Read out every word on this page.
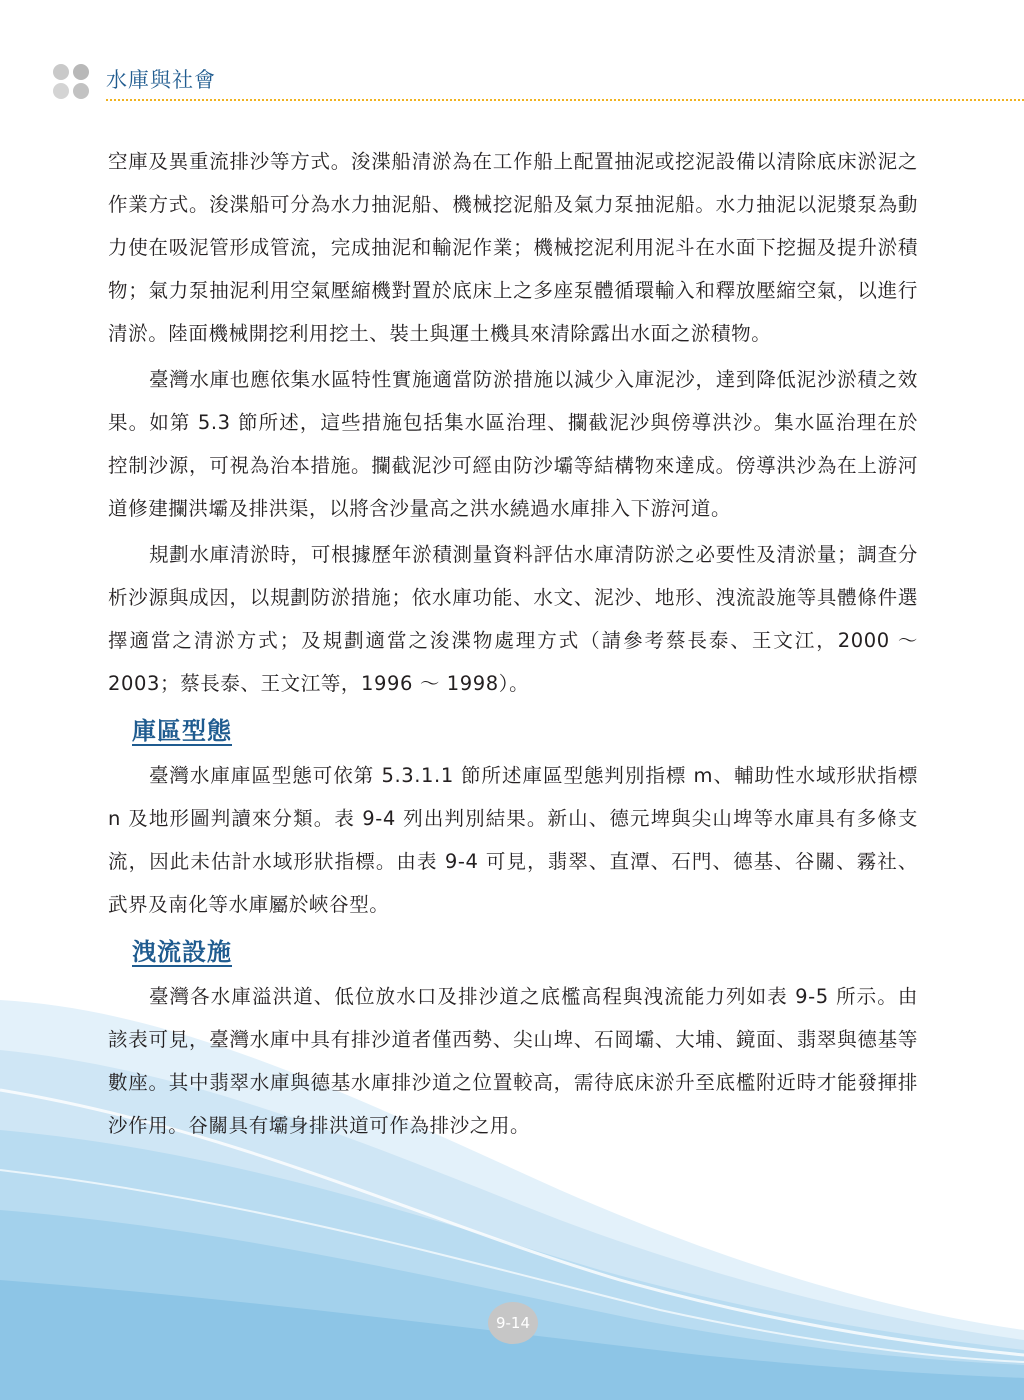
水庫與社會

空庫及異重流排沙等方式。浚渫船清淤為在工作船上配置抽泥或挖泥設備以清除底床淤泥之作業方式。浚渫船可分為水力抽泥船、機械挖泥船及氣力泵抽泥船。水力抽泥以泥漿泵為動力使在吸泥管形成管流，完成抽泥和輸泥作業；機械挖泥利用泥斗在水面下挖掘及提升淤積物；氣力泵抽泥利用空氣壓縮機對置於底床上之多座泵體循環輸入和釋放壓縮空氣，以進行清淤。陸面機械開挖利用挖土、裝土與運土機具來清除露出水面之淤積物。

臺灣水庫也應依集水區特性實施適當防淤措施以減少入庫泥沙，達到降低泥沙淤積之效果。如第 5.3 節所述，這些措施包括集水區治理、攔截泥沙與傍導洪沙。集水區治理在於控制沙源，可視為治本措施。攔截泥沙可經由防沙壩等結構物來達成。傍導洪沙為在上游河道修建攔洪壩及排洪渠，以將含沙量高之洪水繞過水庫排入下游河道。

規劃水庫清淤時，可根據歷年淤積測量資料評估水庫清防淤之必要性及清淤量；調查分析沙源與成因，以規劃防淤措施；依水庫功能、水文、泥沙、地形、洩流設施等具體條件選擇適當之清淤方式；及規劃適當之浚渫物處理方式（請參考蔡長泰、王文江，2000 ～ 2003；蔡長泰、王文江等，1996 ～ 1998）。

庫區型態

臺灣水庫庫區型態可依第 5.3.1.1 節所述庫區型態判別指標 m、輔助性水域形狀指標 n 及地形圖判讀來分類。表 9-4 列出判別結果。新山、德元埤與尖山埤等水庫具有多條支流，因此未估計水域形狀指標。由表 9-4 可見，翡翠、直潭、石門、德基、谷關、霧社、武界及南化等水庫屬於峽谷型。

洩流設施

臺灣各水庫溢洪道、低位放水口及排沙道之底檻高程與洩流能力列如表 9-5 所示。由該表可見，臺灣水庫中具有排沙道者僅西勢、尖山埤、石岡壩、大埔、鏡面、翡翠與德基等數座。其中翡翠水庫與德基水庫排沙道之位置較高，需待底床淤升至底檻附近時才能發揮排沙作用。谷關具有壩身排洪道可作為排沙之用。

9-14
